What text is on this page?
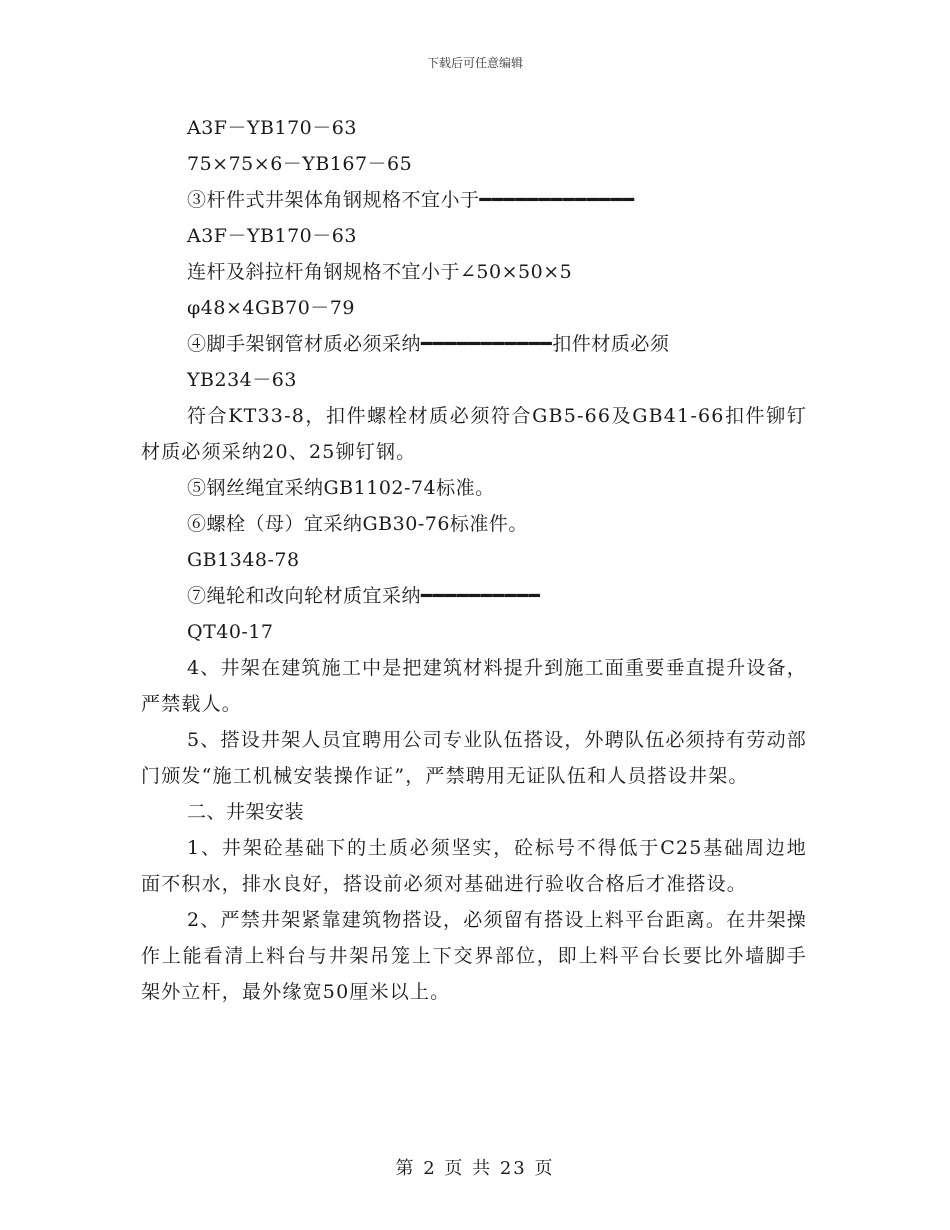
下载后可任意编辑
A3F－YB170－63
75×75×6－YB167－65
③杆件式井架体角钢规格不宜小于━━━━━━━━━━━━━
A3F－YB170－63
连杆及斜拉杆角钢规格不宜小于∠50×50×5
φ48×4GB70－79
④脚手架钢管材质必须采纳━━━━━━━━━━━扣件材质必须
YB234－63
符合KT33-8，扣件螺栓材质必须符合GB5-66及GB41-66扣件铆钉材质必须采纳20、25铆钉钢。
⑤钢丝绳宜采纳GB1102-74标准。
⑥螺栓（母）宜采纳GB30-76标准件。
GB1348-78
⑦绳轮和改向轮材质宜采纳━━━━━━━━━━
QT40-17
4、井架在建筑施工中是把建筑材料提升到施工面重要垂直提升设备，严禁载人。
5、搭设井架人员宜聘用公司专业队伍搭设，外聘队伍必须持有劳动部门颁发“施工机械安装操作证”，严禁聘用无证队伍和人员搭设井架。
二、井架安装
1、井架砼基础下的土质必须坚实，砼标号不得低于C25基础周边地面不积水，排水良好，搭设前必须对基础进行验收合格后才准搭设。
2、严禁井架紧靠建筑物搭设，必须留有搭设上料平台距离。在井架操作上能看清上料台与井架吊笼上下交界部位，即上料平台长要比外墙脚手架外立杆，最外缘宽50厘米以上。
第 2 页 共 23 页
